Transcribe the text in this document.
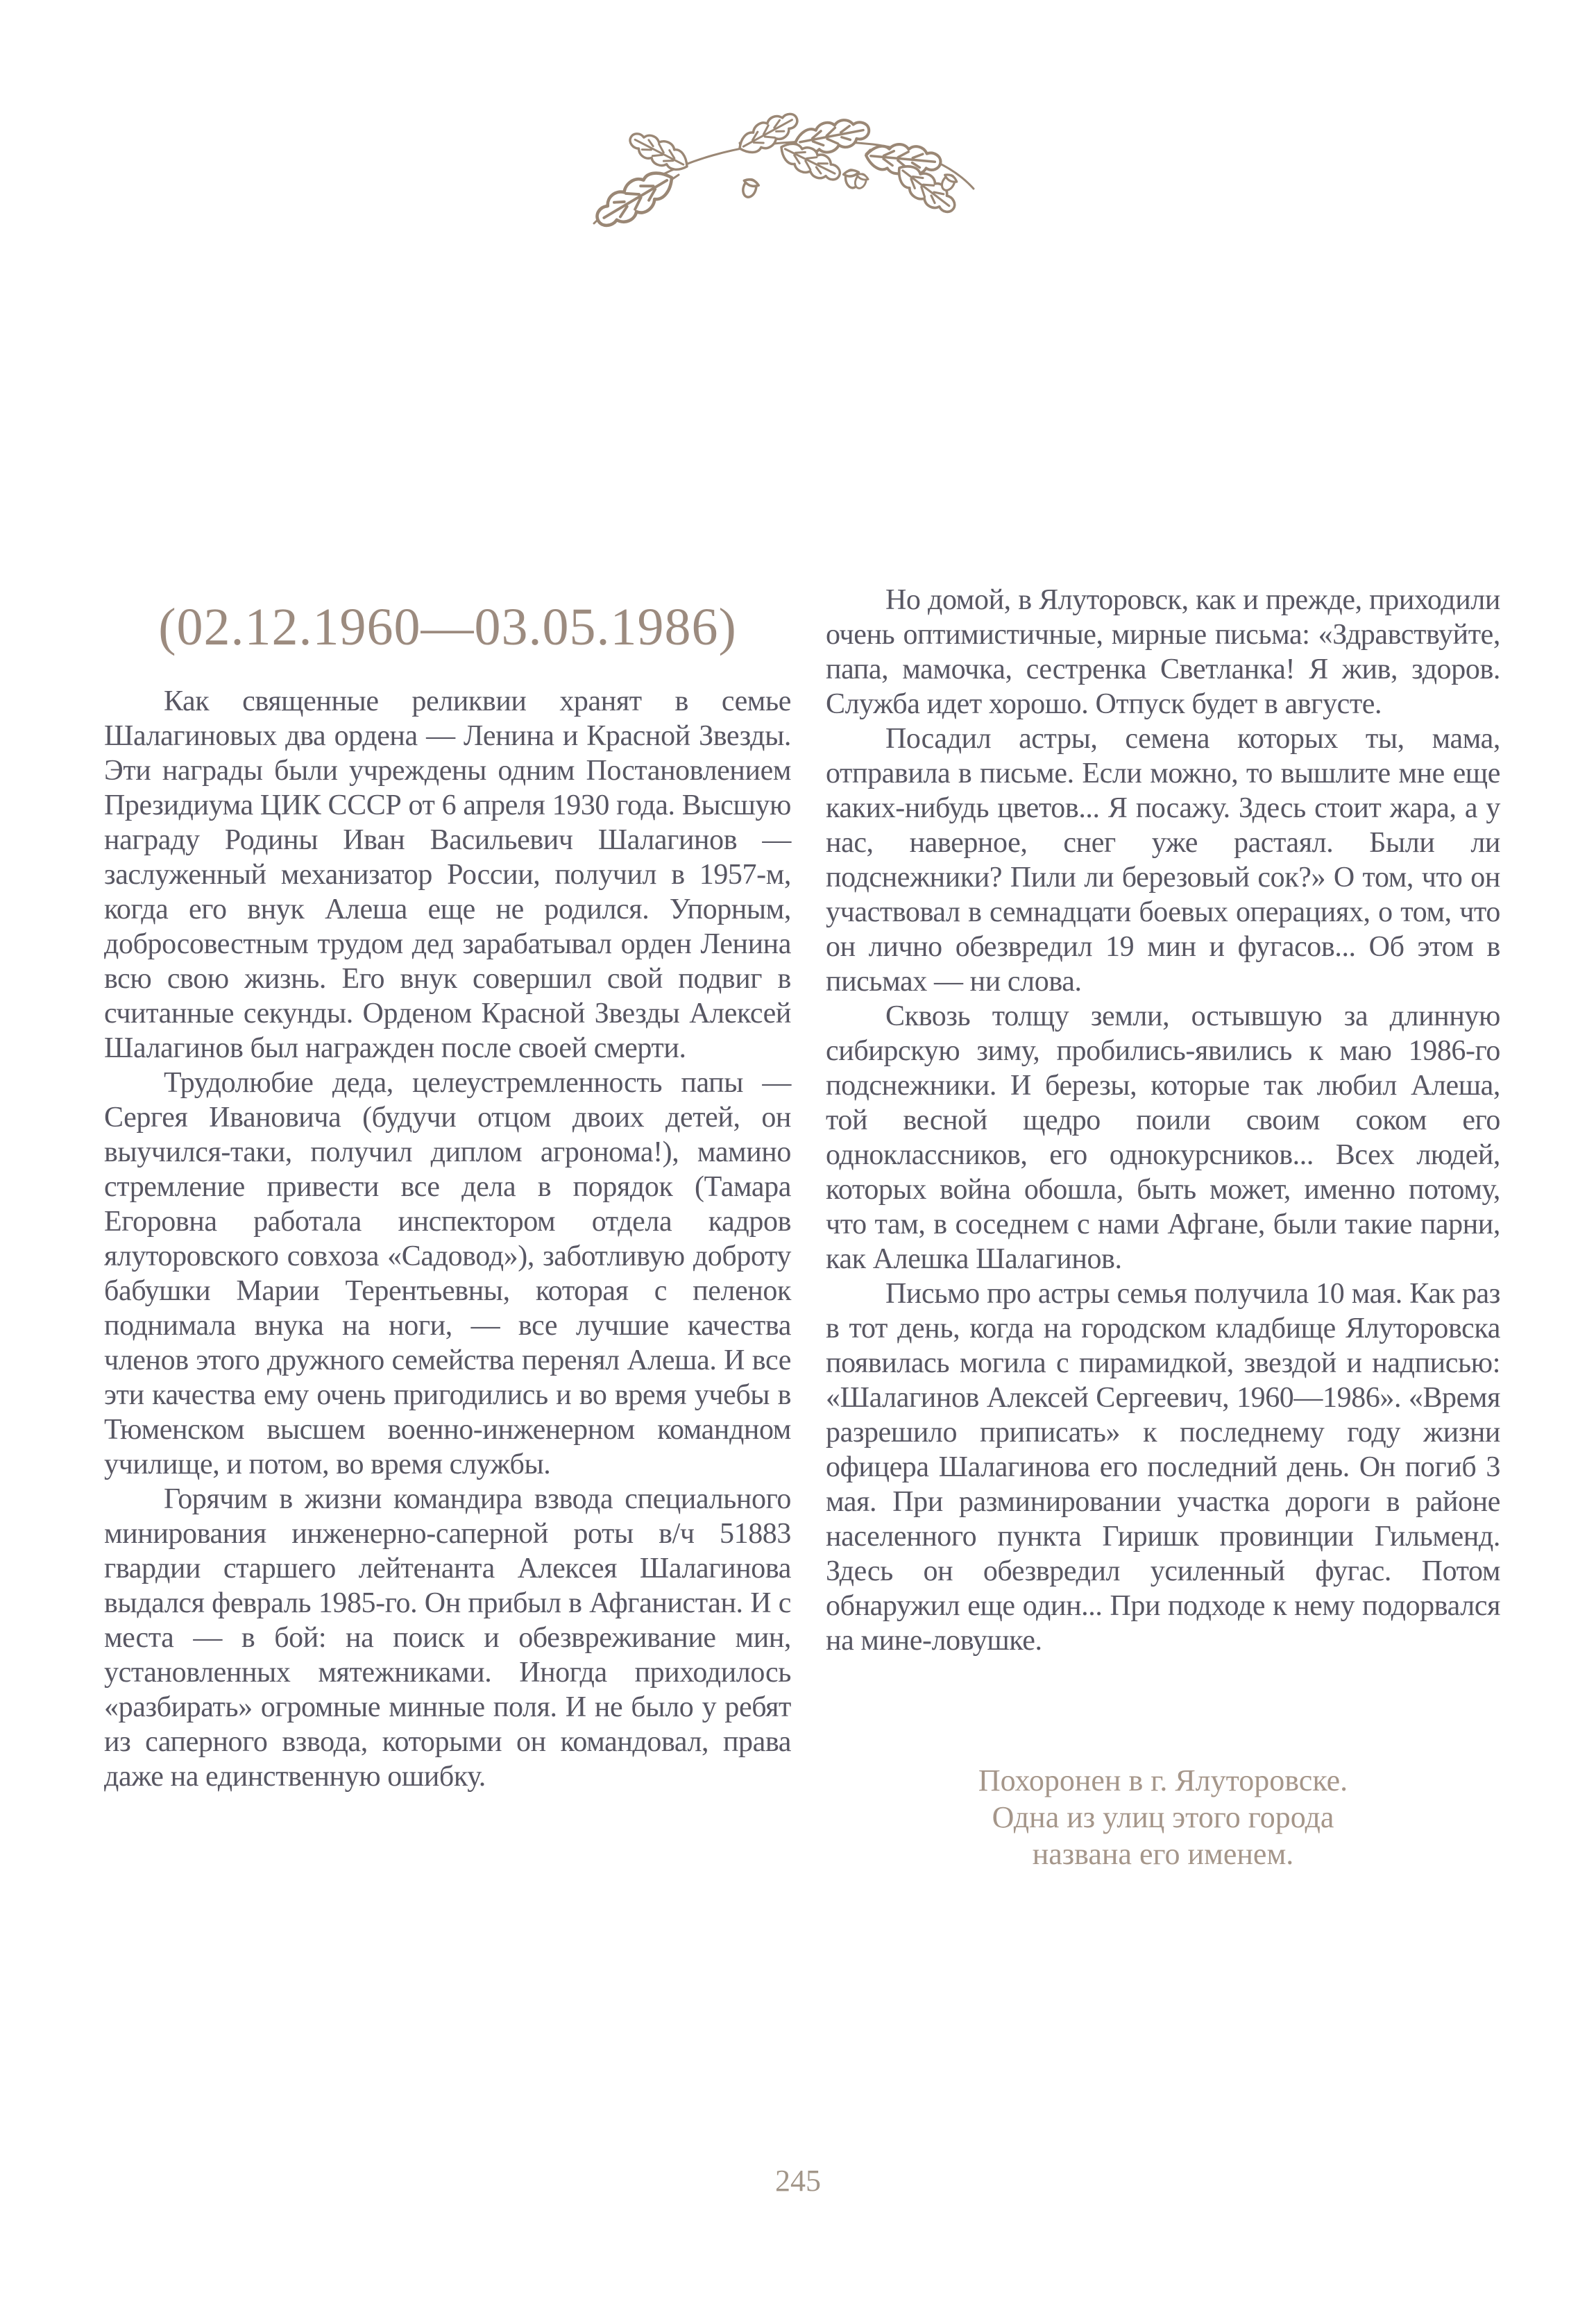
(02.12.1960—03.05.1986)

Как священные реликвии хранят в семье Шалагиновых два ордена — Ленина и Красной Звезды. Эти награды были учреждены одним Постановлением Президиума ЦИК СССР от 6 апреля 1930 года. Высшую награду Родины Иван Васильевич Шалагинов — заслуженный механизатор России, получил в 1957-м, когда его внук Алеша еще не родился. Упорным, добросовестным трудом дед зарабатывал орден Ленина всю свою жизнь. Его внук совершил свой подвиг в считанные секунды. Орденом Красной Звезды Алексей Шалагинов был награжден после своей смерти.

Трудолюбие деда, целеустремленность папы — Сергея Ивановича (будучи отцом двоих детей, он выучился-таки, получил диплом агронома!), мамино стремление привести все дела в порядок (Тамара Егоровна работала инспектором отдела кадров ялуторовского совхоза «Садовод»), заботливую доброту бабушки Марии Терентьевны, которая с пеленок поднимала внука на ноги, — все лучшие качества членов этого дружного семейства перенял Алеша. И все эти качества ему очень пригодились и во время учебы в Тюменском высшем военно-инженерном командном училище, и потом, во время службы.

Горячим в жизни командира взвода специального минирования инженерно-саперной роты в/ч 51883 гвардии старшего лейтенанта Алексея Шалагинова выдался февраль 1985-го. Он прибыл в Афганистан. И с места — в бой: на поиск и обезвреживание мин, установленных мятежниками. Иногда приходилось «разбирать» огромные минные поля. И не было у ребят из саперного взвода, которыми он командовал, права даже на единственную ошибку.

Но домой, в Ялуторовск, как и прежде, приходили очень оптимистичные, мирные письма: «Здравствуйте, папа, мамочка, сестренка Светланка! Я жив, здоров. Служба идет хорошо. Отпуск будет в августе.

Посадил астры, семена которых ты, мама, отправила в письме. Если можно, то вышлите мне еще каких-нибудь цветов... Я посажу. Здесь стоит жара, а у нас, наверное, снег уже растаял. Были ли подснежники? Пили ли березовый сок?» О том, что он участвовал в семнадцати боевых операциях, о том, что он лично обезвредил 19 мин и фугасов... Об этом в письмах — ни слова.

Сквозь толщу земли, остывшую за длинную сибирскую зиму, пробились-явились к маю 1986-го подснежники. И березы, которые так любил Алеша, той весной щедро поили своим соком его одноклассников, его однокурсников... Всех людей, которых война обошла, быть может, именно потому, что там, в соседнем с нами Афгане, были такие парни, как Алешка Шалагинов.

Письмо про астры семья получила 10 мая. Как раз в тот день, когда на городском кладбище Ялуторовска появилась могила с пирамидкой, звездой и надписью: «Шалагинов Алексей Сергеевич, 1960—1986». «Время разрешило приписать» к последнему году жизни офицера Шалагинова его последний день. Он погиб 3 мая. При разминировании участка дороги в районе населенного пункта Гиришк провинции Гильменд. Здесь он обезвредил усиленный фугас. Потом обнаружил еще один... При подходе к нему подорвался на мине-ловушке.

Похоронен в г. Ялуторовске.
Одна из улиц этого города
названа его именем.
245
